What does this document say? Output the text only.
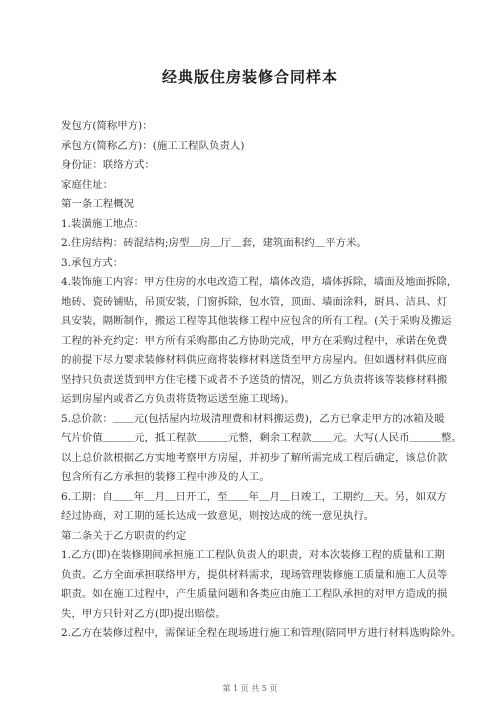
经典版住房装修合同样本

发包方(简称甲方)：

承包方(简称乙方)：(施工工程队负责人)

身份证：联络方式：

家庭住址：

第一条工程概况

1.装潢施工地点：

2.住房结构：砖混结构;房型＿房＿厅＿套，建筑面积约＿平方米。

3.承包方式：

4.装饰施工内容：甲方住房的水电改造工程，墙体改造，墙体拆除，墙面及地面拆除，

地砖、瓷砖铺贴，吊顶安装，门窗拆除，包水管，顶面、墙面涂料，厨具、洁具、灯

具安装，隔断制作，搬运工程等其他装修工程中应包含的所有工程。(关于采购及搬运

工程的补充约定：甲方所有采购都由乙方协助完成，甲方在采购过程中，承诺在免费

的前提下尽力要求装修材料供应商将装修材料送货至甲方房屋内。但如遇材料供应商

坚持只负责送货到甲方住宅楼下或者不予送货的情况，则乙方负责将该等装修材料搬

运到房屋内或者乙方负责将货物运送至施工现场)。

5.总价款：＿＿元(包括屋内垃圾清理费和材料搬运费)，乙方已拿走甲方的冰箱及暖

气片价值＿＿＿元，抵工程款＿＿＿元整，剩余工程款＿＿元。大写(人民币＿＿＿整。

以上总价款根据乙方实地考察甲方房屋，并初步了解所需完成工程后确定，该总价款

包含所有乙方承担的装修工程中涉及的人工。

6.工期：自＿＿年＿月＿日开工，至＿＿年＿月＿日竣工，工期约＿天。另，如双方

经过协商，对工期的延长达成一致意见，则按达成的统一意见执行。

第二条关于乙方职责的约定

1.乙方(即)在装修期间承担施工工程队负责人的职责，对本次装修工程的质量和工期

负责。乙方全面承担联络甲方，提供材料需求，现场管理装修施工质量和施工人员等

职责。如在施工过程中，产生质量问题和各类应由施工工程队承担的对甲方造成的损

失，甲方只针对乙方(即)提出赔偿。

2.乙方在装修过程中，需保证全程在现场进行施工和管理(陪同甲方进行材料选购除外。

第 1 页 共 5 页
